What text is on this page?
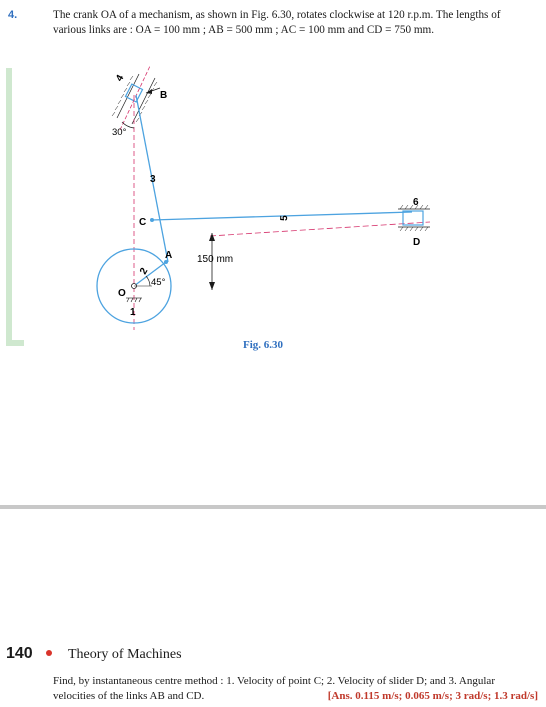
4.	The crank OA of a mechanism, as shown in Fig. 6.30, rotates clockwise at 120 r.p.m. The lengths of
various links are : OA = 100 mm ; AB = 500 mm ; AC = 100 mm and CD = 750 mm.
4
B
30°
3
C	5
6
D
A
2
150 mm
45°
O
1
Fig. 6.30
140	Theory of Machines
Find, by instantaneous centre method : 1. Velocity of point C; 2. Velocity of slider D; and 3. Angular
velocities of the links AB and CD.	[Ans. 0.115 m/s; 0.065 m/s; 3 rad/s; 1.3 rad/s]
